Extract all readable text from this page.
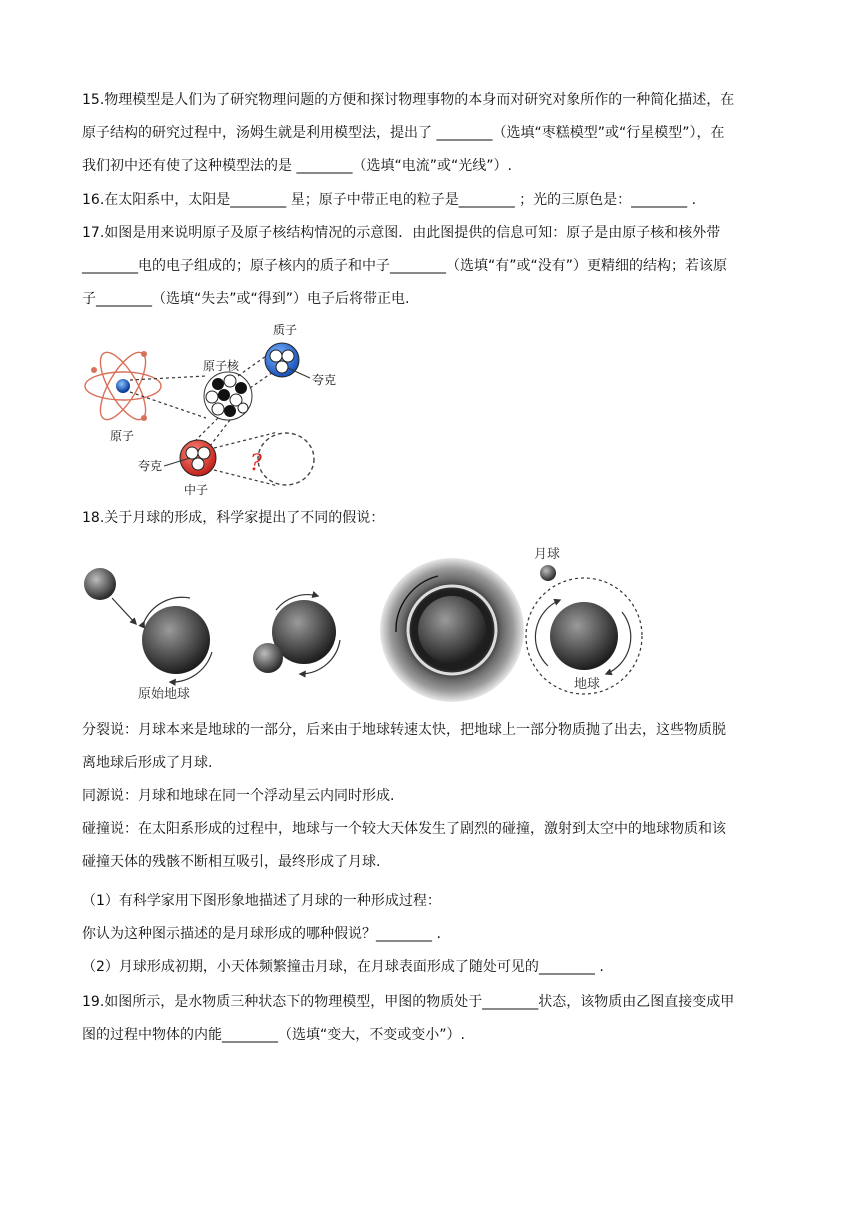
15.物理模型是人们为了研究物理问题的方便和探讨物理事物的本身而对研究对象所作的一种简化描述，在
原子结构的研究过程中，汤姆生就是利用模型法，提出了 ________（选填“枣糕模型”或“行星模型”），在
我们初中还有使了这种模型法的是 ________（选填“电流”或“光线”）.
16.在太阳系中，太阳是________ 星；原子中带正电的粒子是________ ；光的三原色是：________ .
17.如图是用来说明原子及原子核结构情况的示意图．由此图提供的信息可知：原子是由原子核和核外带
________电的电子组成的；原子核内的质子和中子________（选填“有”或“没有”）更精细的结构；若该原
子________（选填“失去”或“得到”）电子后将带正电.
?
原子
原子核
质子
夸克
夸克
中子
18.关于月球的形成，科学家提出了不同的假说：
原始地球
月球
地球
分裂说：月球本来是地球的一部分，后来由于地球转速太快，把地球上一部分物质抛了出去，这些物质脱
离地球后形成了月球.
同源说：月球和地球在同一个浮动星云内同时形成.
碰撞说：在太阳系形成的过程中，地球与一个较大天体发生了剧烈的碰撞，激射到太空中的地球物质和该
碰撞天体的残骸不断相互吸引，最终形成了月球.
（1）有科学家用下图形象地描述了月球的一种形成过程：
你认为这种图示描述的是月球形成的哪种假说？________ .
（2）月球形成初期，小天体频繁撞击月球，在月球表面形成了随处可见的________ .
19.如图所示，是水物质三种状态下的物理模型，甲图的物质处于________状态，该物质由乙图直接变成甲
图的过程中物体的内能________（选填“变大，不变或变小”）.
